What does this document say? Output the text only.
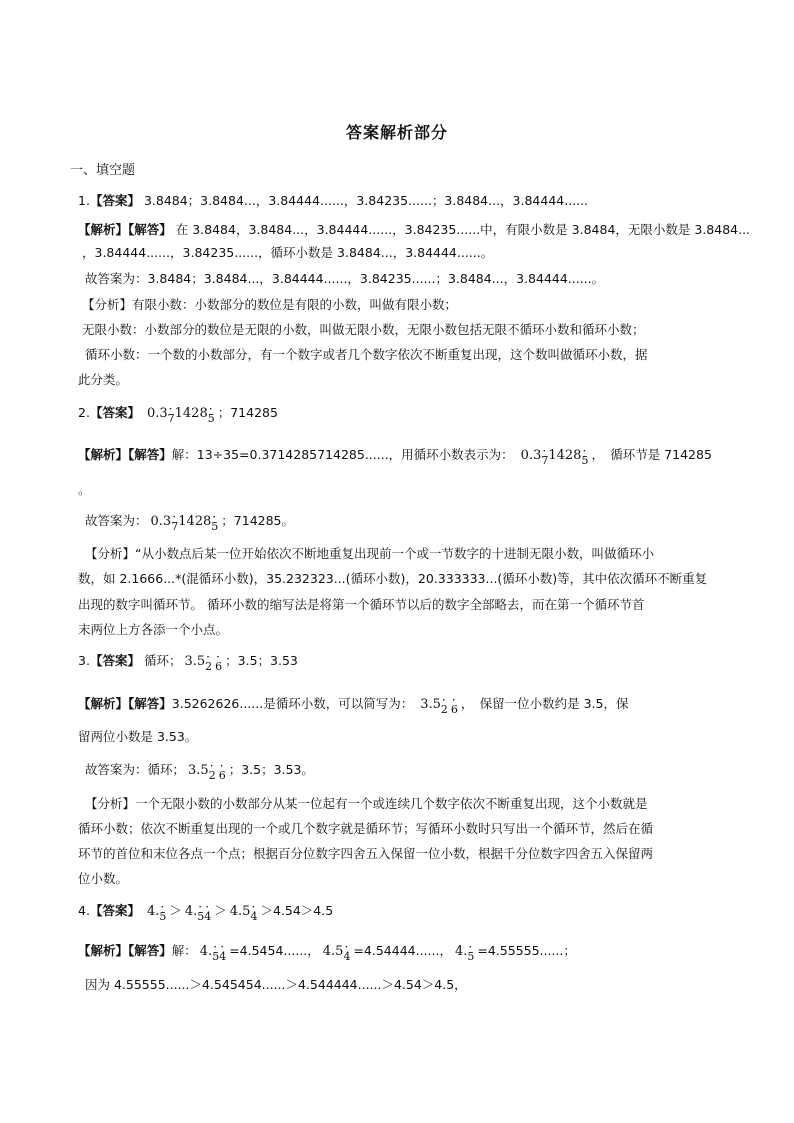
答案解析部分
一、填空题
1.【答案】 3.8484；3.8484...，3.84444......，3.84235......；3.8484...，3.84444......
【解析】【解答】 在 3.8484，3.8484...，3.84444......，3.84235......中，有限小数是 3.8484，无限小数是 3.8484...
，3.84444......，3.84235......，循环小数是 3.8484...，3.84444......。
故答案为：3.8484；3.8484...，3.84444......，3.84235......；3.8484...，3.84444......。
【分析】有限小数：小数部分的数位是有限的小数，叫做有限小数；
无限小数：小数部分的数位是无限的小数，叫做无限小数，无限小数包括无限不循环小数和循环小数；
循环小数：一个数的小数部分，有一个数字或者几个数字依次不断重复出现，这个数叫做循环小数，据
此分类。
2.【答案】 $0.3_{7 \cdot}$ $1428_{5 \cdot}$ ；714285
【解析】【解答】解：13÷35=0.3714285714285......，用循环小数表示为： $0.3_{7 \cdot}$ $1428_{5 \cdot}$ ，　循环节是 714285
。
故答案为： $0.3_{7 \cdot}$ $1428_{5 \cdot}$ ；714285。
【分析】“从小数点后某一位开始依次不断地重复出现前一个或一节数字的十进制无限小数，叫做循环小
数，如 2.1666...*(混循环小数)，35.232323...(循环小数)，20.333333...(循环小数)等，其中依次循环不断重复
出现的数字叫循环节。 循环小数的缩写法是将第一个循环节以后的数字全部略去，而在第一个循环节首
末两位上方各添一个小点。
3.【答案】 循环； $3.5_{2 \cdot}$
$_{6 \cdot}$ ；3.5；3.53
【解析】【解答】3.5262626......是循环小数，可以简写为： $3.5_{2 \cdot}$
$_{6 \cdot}$ ，　保留一位小数约是 3.5，保
留两位小数是 3.53。
故答案为：循环； $3.5_{2 \cdot}$
$_{6 \cdot}$ ；3.5；3.53。
【分析】一个无限小数的小数部分从某一位起有一个或连续几个数字依次不断重复出现，这个小数就是
循环小数；依次不断重复出现的一个或几个数字就是循环节；写循环小数时只写出一个循环节，然后在循
环节的首位和末位各点一个点；根据百分位数字四舍五入保留一位小数，根据千分位数字四舍五入保留两
位小数。
4.【答案】 $4._{5 \cdot} > 4._{5 \cdot}$
$_{4 \cdot} > 4.5_{4 \cdot} >4.54>4.5$
【解析】【解答】解： $4._{5 \cdot}$
$_{4 \cdot}$ =4.5454......， $4.5_{4 \cdot} =4.54444$......， $4._{5 \cdot} =4.55555$......；
因为 4.55555......＞4.545454......＞4.544444......＞4.54＞4.5，
